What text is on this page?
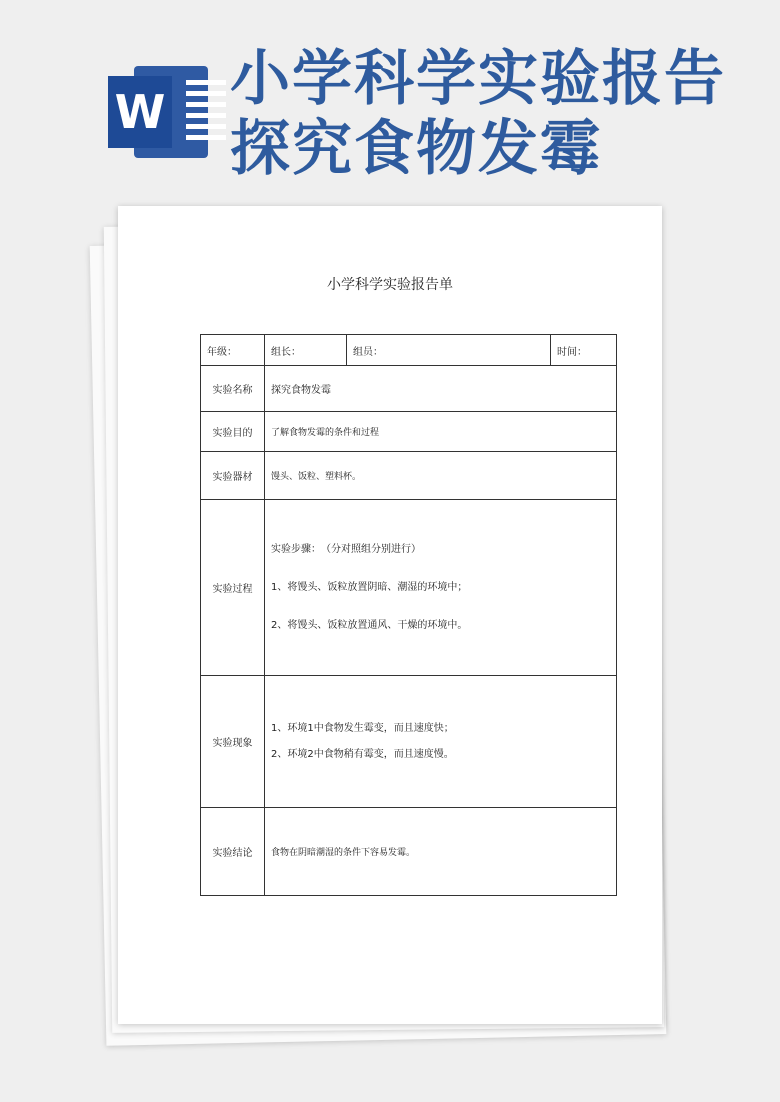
W 小学科学实验报告
探究食物发霉
小学科学实验报告单
年级：	组长：	组员：	时间：
实验名称	探究食物发霉		
实验目的	了解食物发霉的条件和过程		
实验器材	馒头、饭粒、塑料杯。		
实验过程	实验步骤：　（分对照组分别进行）

1、将馒头、饭粒放置阴暗、潮湿的环境中；

2、将馒头、饭粒放置通风、干燥的环境中。		

实验现象	1、环境1中食物发生霉变，而且速度快；

2、环境2中食物稍有霉变，而且速度慢。		

实验结论	食物在阴暗潮湿的条件下容易发霉。		
